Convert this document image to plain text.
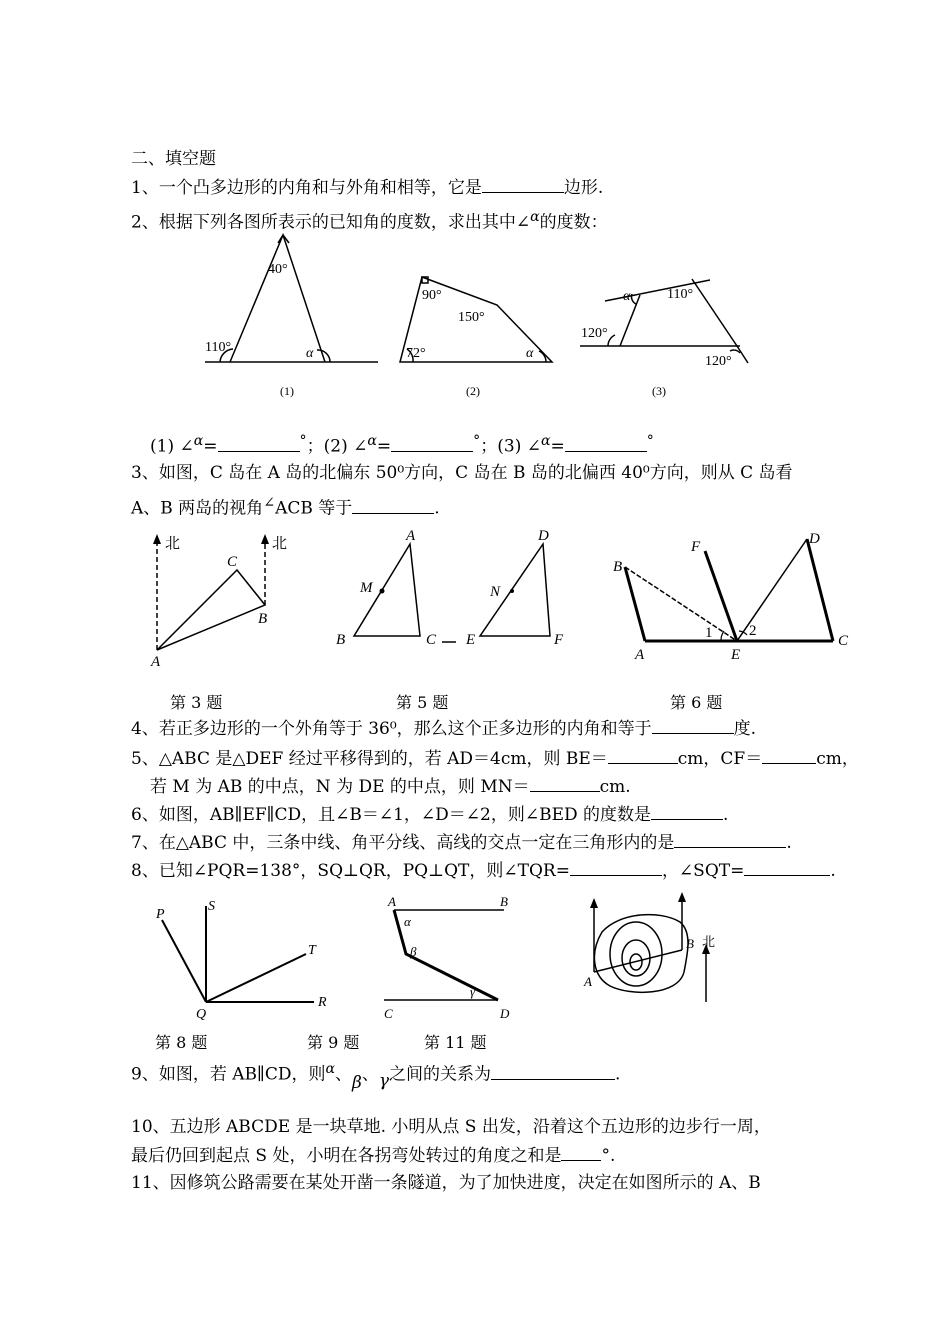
二、填空题
1、一个凸多边形的内角和与外角和相等，它是	边形.
2、根据下列各图所表示的已知角的度数，求出其中∠$^\alpha$的度数：
40°
110°	α
90°
150°
72°	α
α	110°
120°
120°
(1)	(2)	(3)
(1) ∠$^\alpha$=	°；(2) ∠$^\alpha$=	°；(3) ∠$^\alpha$=	°
3、如图，C 岛在 A 岛的北偏东 50⁰方向，C 岛在 B 岛的北偏西 40⁰方向，则从 C 岛看
A、B 两岛的视角∠ACB 等于	.
北	北
A
B
C
A
B	C
M
D
E	F
N
B
F	D
A	E
C
1 2
第 3 题	第 5 题	第 6 题
4、若正多边形的一个外角等于 36⁰，那么这个正多边形的内角和等于	度.
5、△ABC 是△DEF 经过平移得到的，若 AD＝4cm，则 BE＝	cm，CF＝	cm，
若 M 为 AB 的中点，N 为 DE 的中点，则 MN＝	cm.
6、如图，AB∥EF∥CD，且∠B＝∠1，∠D＝∠2，则∠BED 的度数是	.
7、在△ABC 中，三条中线、角平分线、高线的交点一定在三角形内的是	.
8、已知∠PQR=138°，SQ⊥QR，PQ⊥QT，则∠TQR=	，∠SQT=	.
P
S
T
Q
R
A	B
C	D
α
β
γ
A
B 北
第 8 题	第 9 题	第 11 题
9、如图，若 AB∥CD，则$^\alpha$、β、γ之间的关系为	.
10、五边形 ABCDE 是一块草地. 小明从点 S 出发，沿着这个五边形的边步行一周，
最后仍回到起点 S 处，小明在各拐弯处转过的角度之和是 °.
11、因修筑公路需要在某处开凿一条隧道，为了加快进度，决定在如图所示的 A、B
